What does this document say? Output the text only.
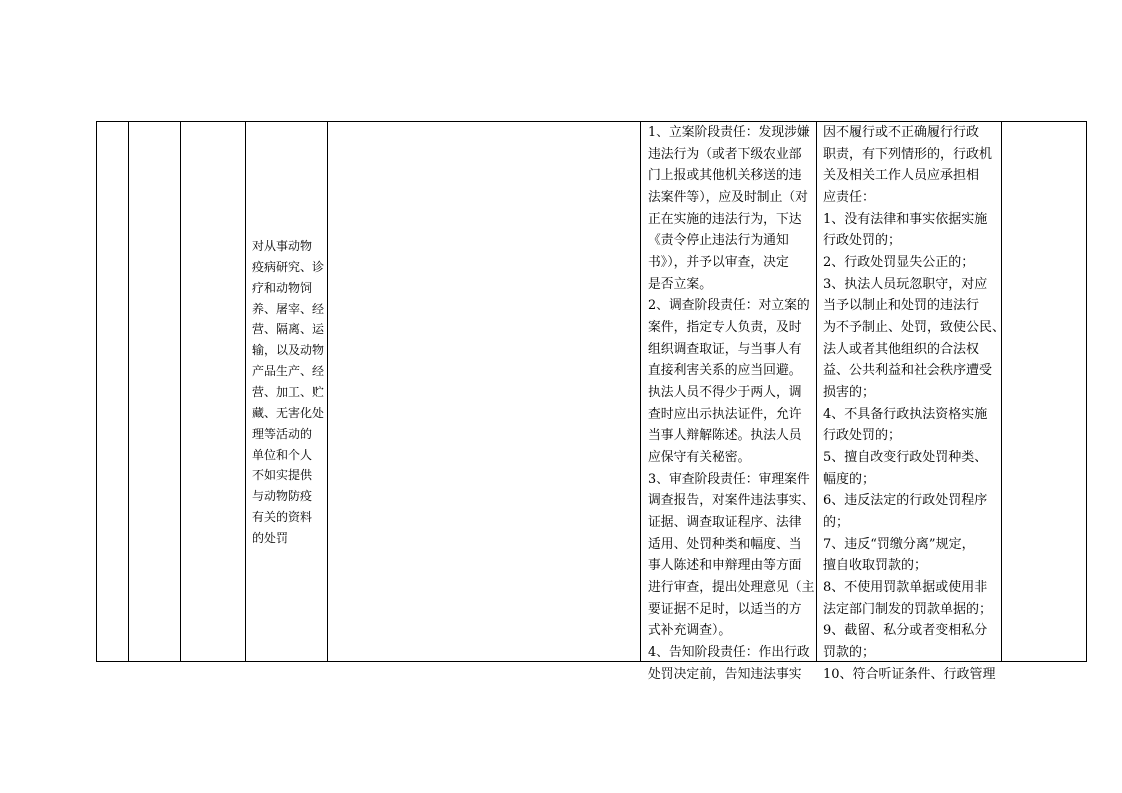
对从事动物
疫病研究、诊
疗和动物饲
养、屠宰、经
营、隔离、运
输，以及动物
产品生产、经
营、加工、贮
藏、无害化处
理等活动的
单位和个人
不如实提供
与动物防疫
有关的资料
的处罚
1、立案阶段责任：发现涉嫌
违法行为（或者下级农业部
门上报或其他机关移送的违
法案件等），应及时制止（对
正在实施的违法行为，下达
《责令停止违法行为通知
书》），并予以审查，决定
是否立案。
2、调查阶段责任：对立案的
案件，指定专人负责，及时
组织调查取证，与当事人有
直接利害关系的应当回避。
执法人员不得少于两人，调
查时应出示执法证件，允许
当事人辩解陈述。执法人员
应保守有关秘密。
3、审查阶段责任：审理案件
调查报告，对案件违法事实、
证据、调查取证程序、法律
适用、处罚种类和幅度、当
事人陈述和申辩理由等方面
进行审查，提出处理意见（主
要证据不足时，以适当的方
式补充调查）。
4、告知阶段责任：作出行政
处罚决定前，告知违法事实
因不履行或不正确履行行政
职责，有下列情形的，行政机
关及相关工作人员应承担相
应责任：
1、没有法律和事实依据实施
行政处罚的；
2、行政处罚显失公正的；
3、执法人员玩忽职守，对应
当予以制止和处罚的违法行
为不予制止、处罚，致使公民、
法人或者其他组织的合法权
益、公共利益和社会秩序遭受
损害的；
4、不具备行政执法资格实施
行政处罚的；
5、擅自改变行政处罚种类、
幅度的；
6、违反法定的行政处罚程序
的；
7、违反“罚缴分离”规定，
擅自收取罚款的；
8、不使用罚款单据或使用非
法定部门制发的罚款单据的；
9、截留、私分或者变相私分
罚款的；
10、符合听证条件、行政管理
